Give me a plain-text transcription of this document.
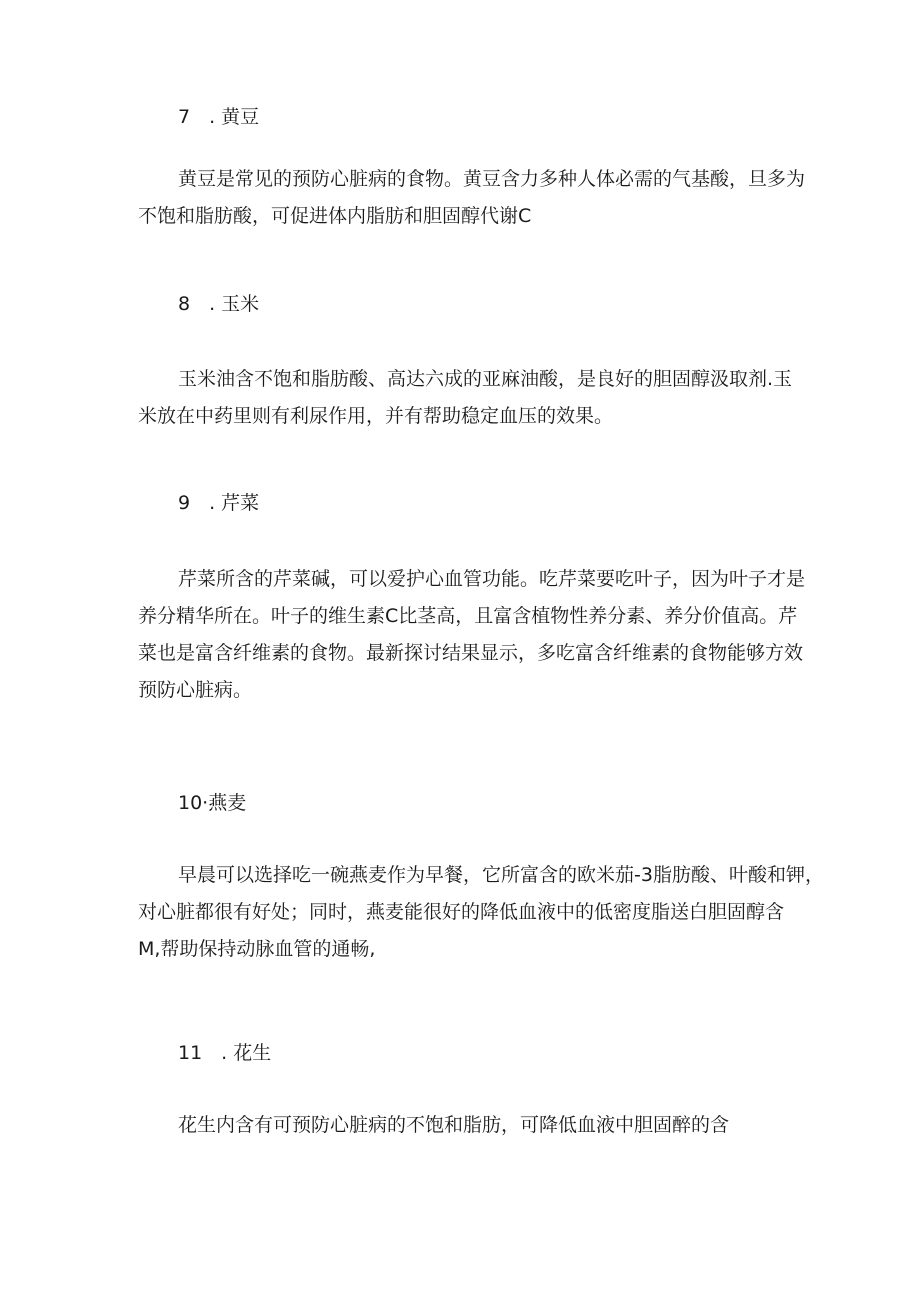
7　. 黄豆
黄豆是常见的预防心脏病的食物。黄豆含力多种人体必需的气基酸，旦多为
不饱和脂肪酸，可促进体内脂肪和胆固醇代谢C
8　. 玉米
玉米油含不饱和脂肪酸、高达六成的亚麻油酸，是良好的胆固醇汲取剂.玉
米放在中药里则有利尿作用，并有帮助稳定血压的效果。
9　. 芹菜
芹菜所含的芹菜碱，可以爱护心血管功能。吃芹菜要吃叶子，因为叶子才是
养分精华所在。叶子的维生素C比茎高，且富含植物性养分素、养分价值高。芹
菜也是富含纤维素的食物。最新探讨结果显示，多吃富含纤维素的食物能够方效
预防心脏病。
10·燕麦
早晨可以选择吃一碗燕麦作为早餐，它所富含的欧米茄-3脂肪酸、叶酸和钾，
对心脏都很有好处；同时，燕麦能很好的降低血液中的低密度脂送白胆固醇含
M,帮助保持动脉血管的通畅,
11　. 花生
花生内含有可预防心脏病的不饱和脂肪，可降低血液中胆固醉的含
